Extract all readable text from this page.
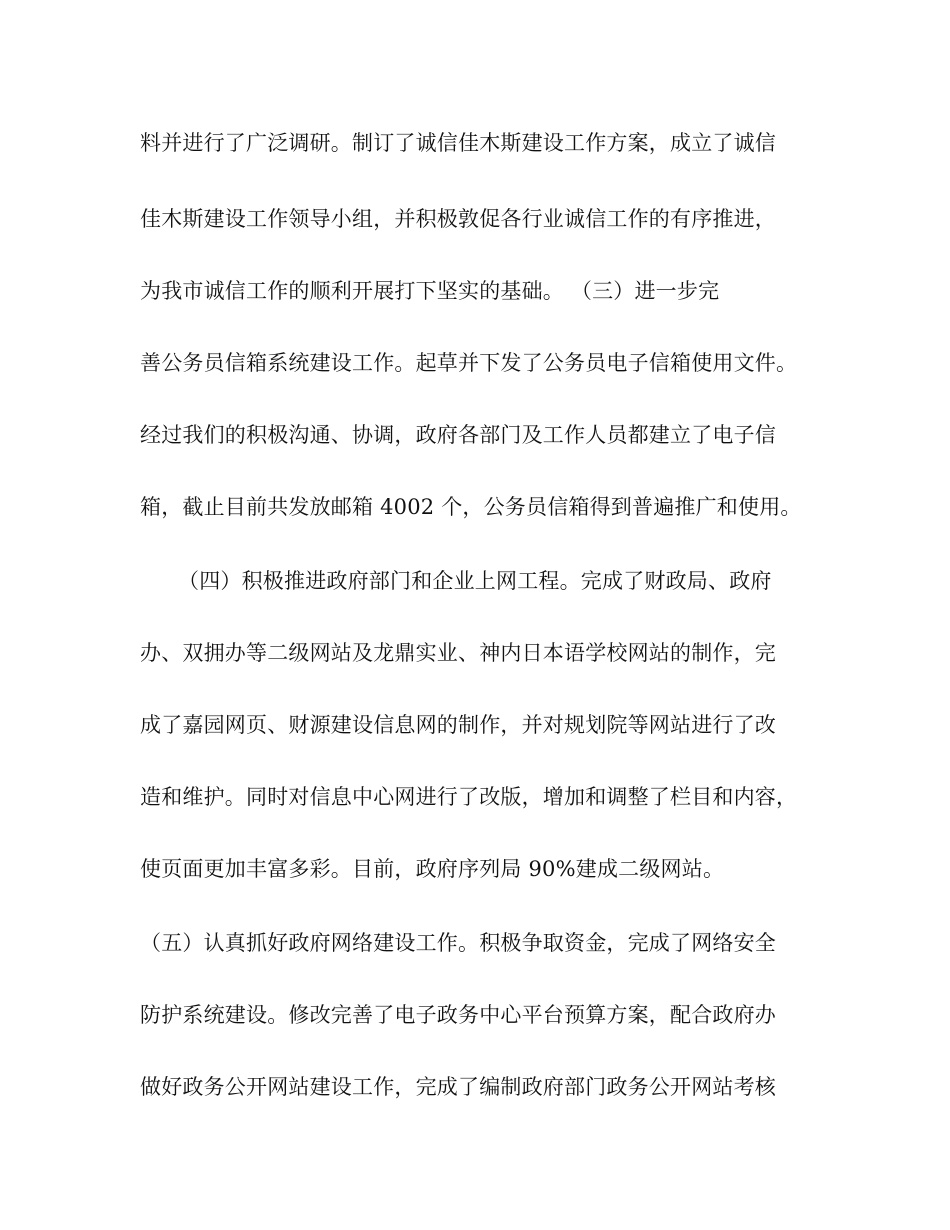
料并进行了广泛调研。制订了诚信佳木斯建设工作方案，成立了诚信
佳木斯建设工作领导小组，并积极敦促各行业诚信工作的有序推进，
为我市诚信工作的顺利开展打下坚实的基础。 （三）进一步完
善公务员信箱系统建设工作。起草并下发了公务员电子信箱使用文件。
经过我们的积极沟通、协调，政府各部门及工作人员都建立了电子信
箱，截止目前共发放邮箱 4002 个，公务员信箱得到普遍推广和使用。
（四）积极推进政府部门和企业上网工程。完成了财政局、政府
办、双拥办等二级网站及龙鼎实业、神内日本语学校网站的制作，完
成了嘉园网页、财源建设信息网的制作，并对规划院等网站进行了改
造和维护。同时对信息中心网进行了改版，增加和调整了栏目和内容，
使页面更加丰富多彩。目前，政府序列局 90%建成二级网站。
（五）认真抓好政府网络建设工作。积极争取资金，完成了网络安全
防护系统建设。修改完善了电子政务中心平台预算方案，配合政府办
做好政务公开网站建设工作，完成了编制政府部门政务公开网站考核
